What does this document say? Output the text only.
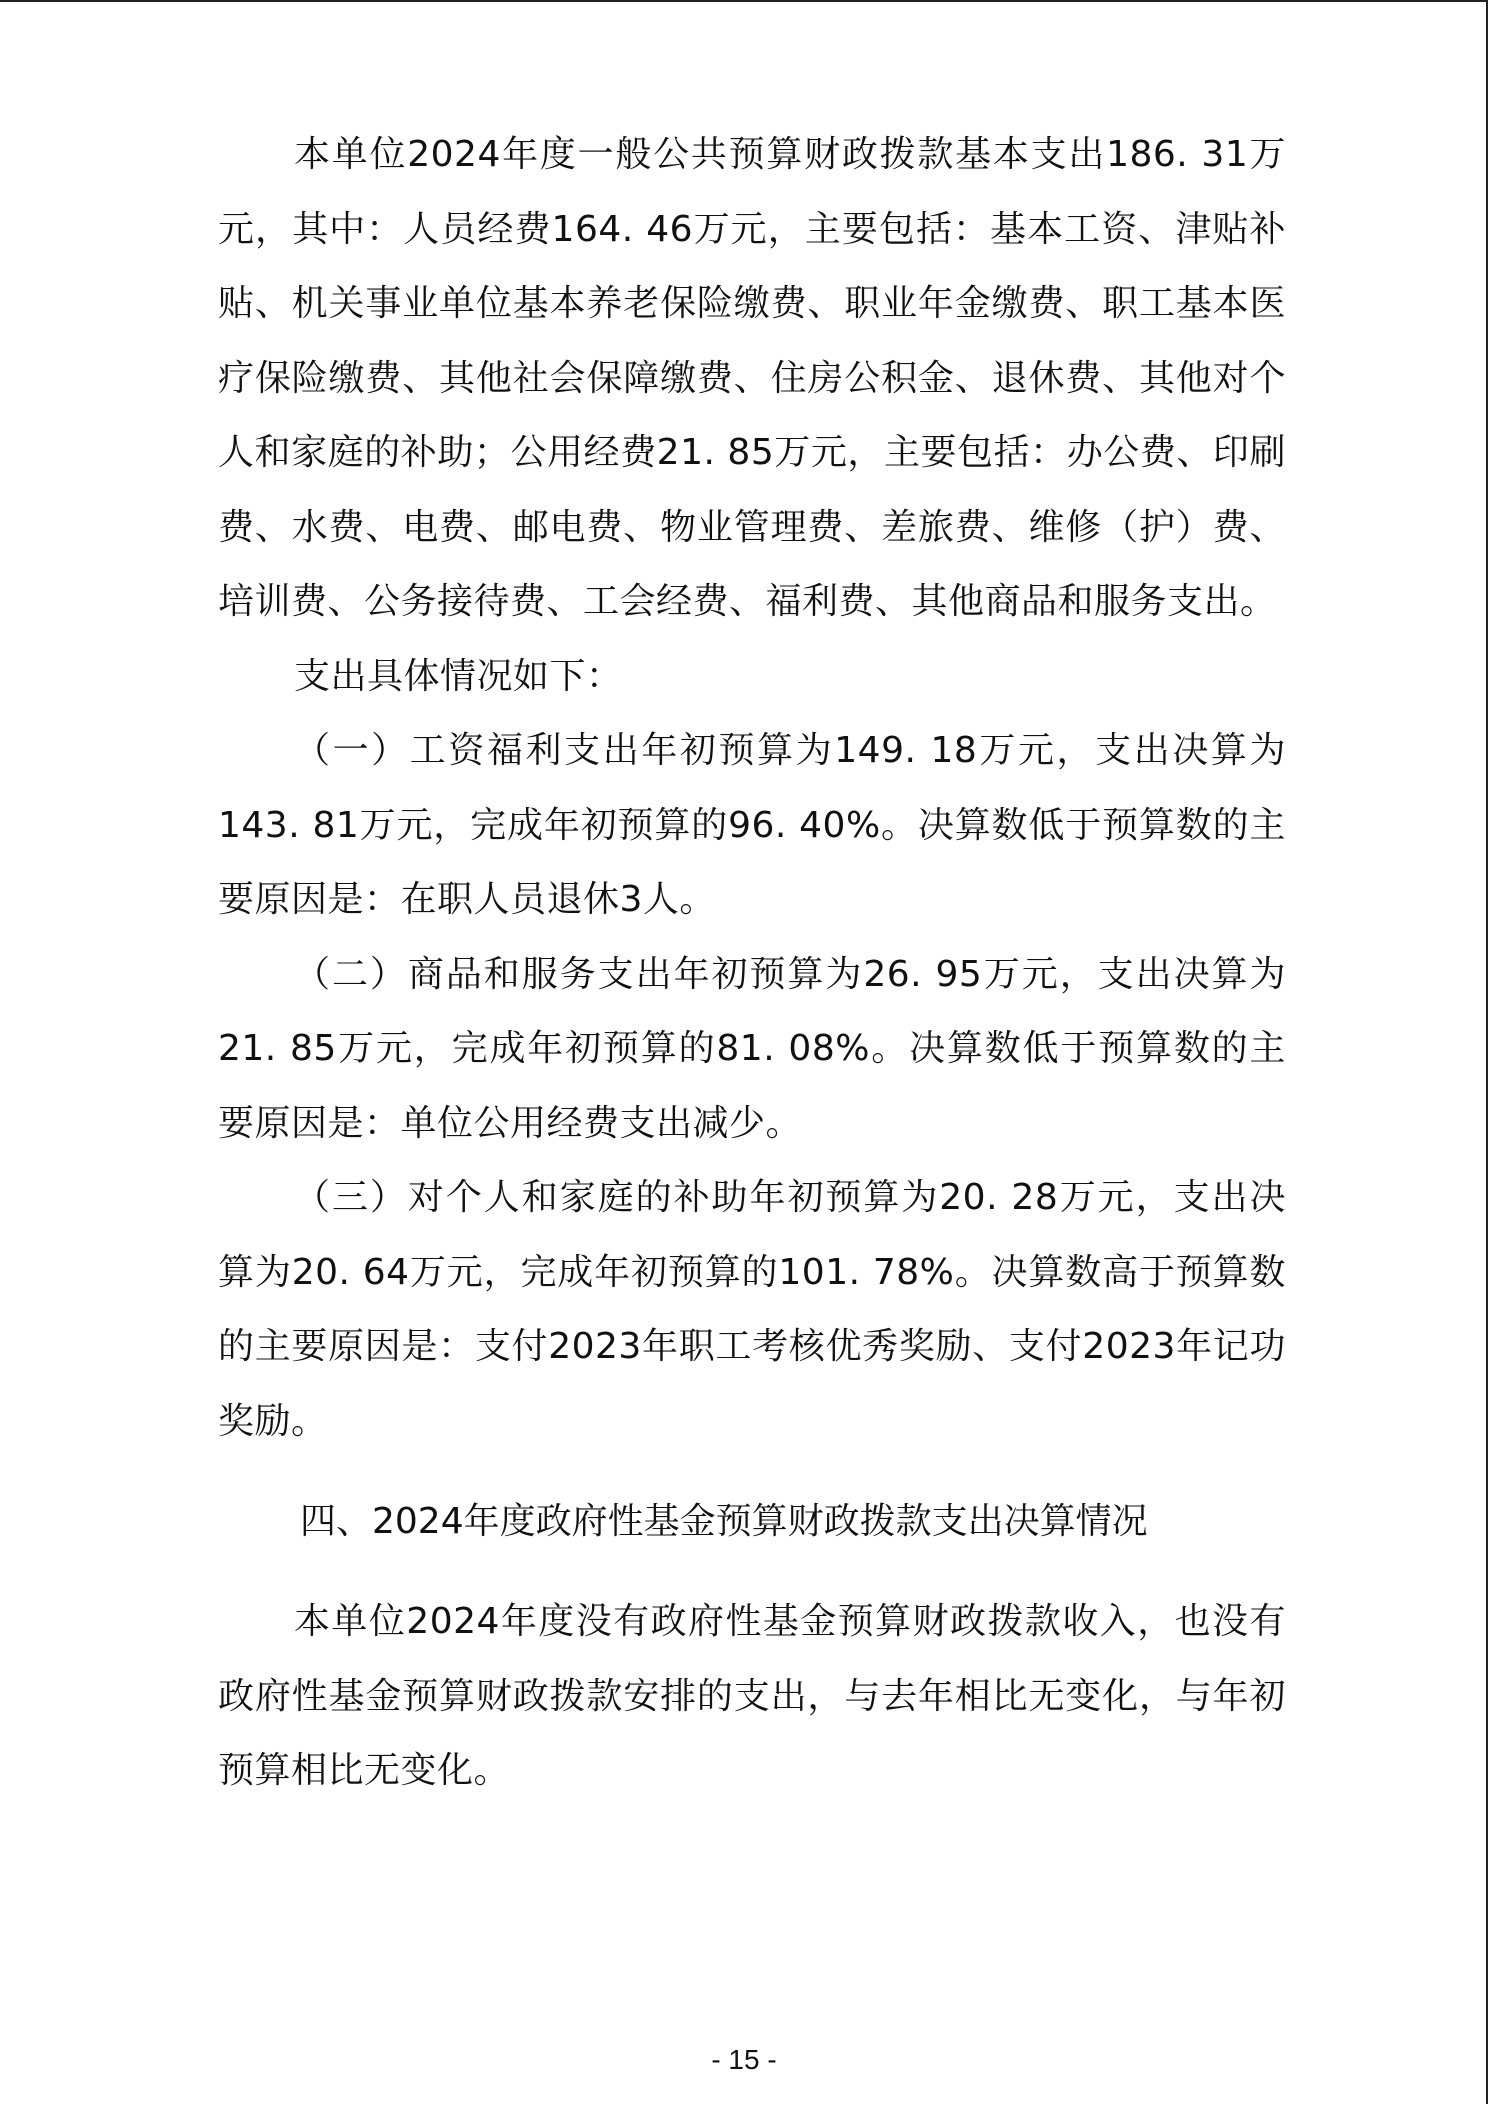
本单位2024年度一般公共预算财政拨款基本支出186. 31万元，其中：人员经费164. 46万元，主要包括：基本工资、津贴补贴、机关事业单位基本养老保险缴费、职业年金缴费、职工基本医疗保险缴费、其他社会保障缴费、住房公积金、退休费、其他对个人和家庭的补助；公用经费21. 85万元，主要包括：办公费、印刷费、水费、电费、邮电费、物业管理费、差旅费、维修（护）费、培训费、公务接待费、工会经费、福利费、其他商品和服务支出。

支出具体情况如下：

（一）工资福利支出年初预算为149. 18万元，支出决算为143. 81万元，完成年初预算的96. 40%。决算数低于预算数的主要原因是：在职人员退休3人。

（二）商品和服务支出年初预算为26. 95万元，支出决算为21. 85万元，完成年初预算的81. 08%。决算数低于预算数的主要原因是：单位公用经费支出减少。

（三）对个人和家庭的补助年初预算为20. 28万元，支出决算为20. 64万元，完成年初预算的101. 78%。决算数高于预算数的主要原因是：支付2023年职工考核优秀奖励、支付2023年记功奖励。

四、2024年度政府性基金预算财政拨款支出决算情况

本单位2024年度没有政府性基金预算财政拨款收入，也没有政府性基金预算财政拨款安排的支出，与去年相比无变化，与年初预算相比无变化。

- 15 -
